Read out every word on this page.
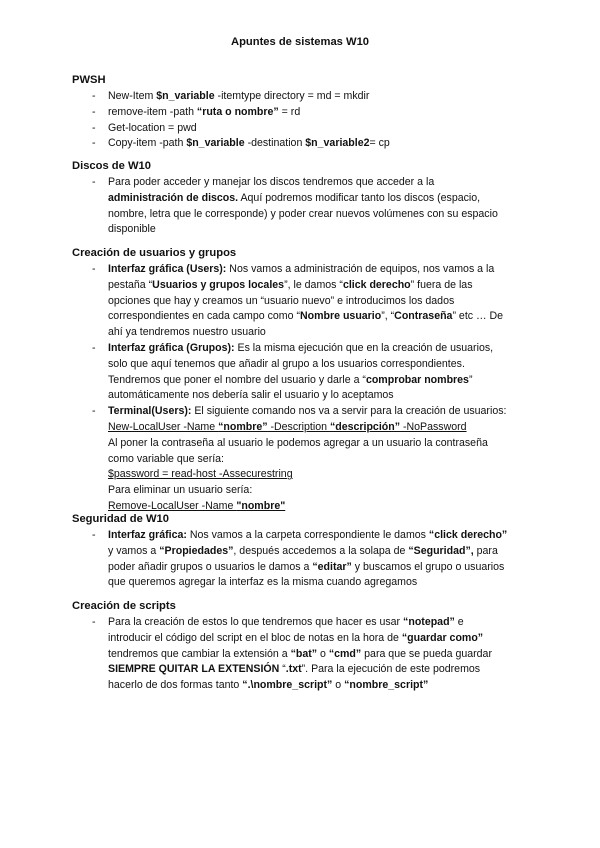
Apuntes de sistemas W10
PWSH
- New-Item $n_variable -itemtype directory = md = mkdir
- remove-item -path “ruta o nombre” = rd
- Get-location = pwd
- Copy-item -path $n_variable -destination $n_variable2= cp
Discos de W10
- Para poder acceder y manejar los discos tendremos que acceder a la
administración de discos. Aquí podremos modificar tanto los discos (espacio,
nombre, letra que le corresponde) y poder crear nuevos volúmenes con su espacio
disponible
Creación de usuarios y grupos
- Interfaz gráfica (Users): Nos vamos a administración de equipos, nos vamos a la
pestaña “Usuarios y grupos locales”, le damos “click derecho” fuera de las
opciones que hay y creamos un “usuario nuevo” e introducimos los dados
correspondientes en cada campo como “Nombre usuario”, “Contraseña” etc … De
ahí ya tendremos nuestro usuario
- Interfaz gráfica (Grupos): Es la misma ejecución que en la creación de usuarios,
solo que aquí tenemos que añadir al grupo a los usuarios correspondientes.
Tendremos que poner el nombre del usuario y darle a “comprobar nombres”
automáticamente nos debería salir el usuario y lo aceptamos
- Terminal(Users): El siguiente comando nos va a servir para la creación de usuarios:
New-LocalUser -Name “nombre” -Description “descripción” -NoPassword
Al poner la contraseña al usuario le podemos agregar a un usuario la contraseña
como variable que sería:
$password = read-host -Assecurestring
Para eliminar un usuario sería:
Remove-LocalUser -Name "nombre"
Seguridad de W10
- Interfaz gráfica: Nos vamos a la carpeta correspondiente le damos “click derecho”
y vamos a “Propiedades”, después accedemos a la solapa de “Seguridad”, para
poder añadir grupos o usuarios le damos a “editar” y buscamos el grupo o usuarios
que queremos agregar la interfaz es la misma cuando agregamos
Creación de scripts
- Para la creación de estos lo que tendremos que hacer es usar “notepad” e
introducir el código del script en el bloc de notas en la hora de “guardar como”
tendremos que cambiar la extensión a “bat” o “cmd” para que se pueda guardar
SIEMPRE QUITAR LA EXTENSIÓN “.txt”. Para la ejecución de este podremos
hacerlo de dos formas tanto “.\nombre_script” o “nombre_script”
